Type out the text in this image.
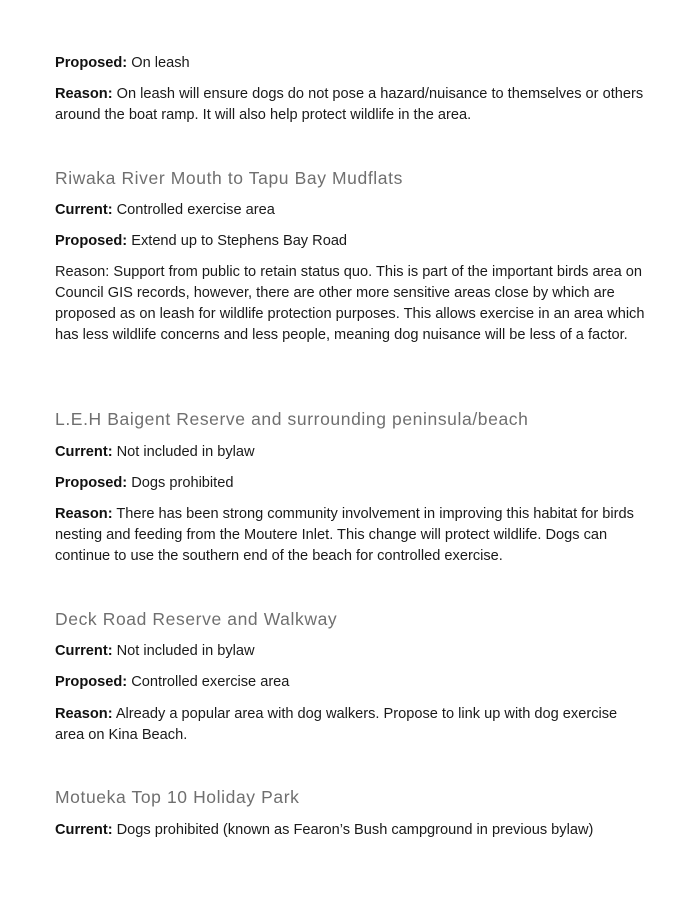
Proposed: On leash

Reason: On leash will ensure dogs do not pose a hazard/nuisance to themselves or others around the boat ramp. It will also help protect wildlife in the area.

Riwaka River Mouth to Tapu Bay Mudflats

Current: Controlled exercise area

Proposed: Extend up to Stephens Bay Road

Reason: Support from public to retain status quo. This is part of the important birds area on Council GIS records, however, there are other more sensitive areas close by which are proposed as on leash for wildlife protection purposes. This allows exercise in an area which has less wildlife concerns and less people, meaning dog nuisance will be less of a factor.

L.E.H Baigent Reserve and surrounding peninsula/beach

Current: Not included in bylaw

Proposed: Dogs prohibited

Reason: There has been strong community involvement in improving this habitat for birds nesting and feeding from the Moutere Inlet. This change will protect wildlife. Dogs can continue to use the southern end of the beach for controlled exercise.

Deck Road Reserve and Walkway

Current: Not included in bylaw

Proposed: Controlled exercise area

Reason: Already a popular area with dog walkers. Propose to link up with dog exercise area on Kina Beach.

Motueka Top 10 Holiday Park

Current: Dogs prohibited (known as Fearon’s Bush campground in previous bylaw)
